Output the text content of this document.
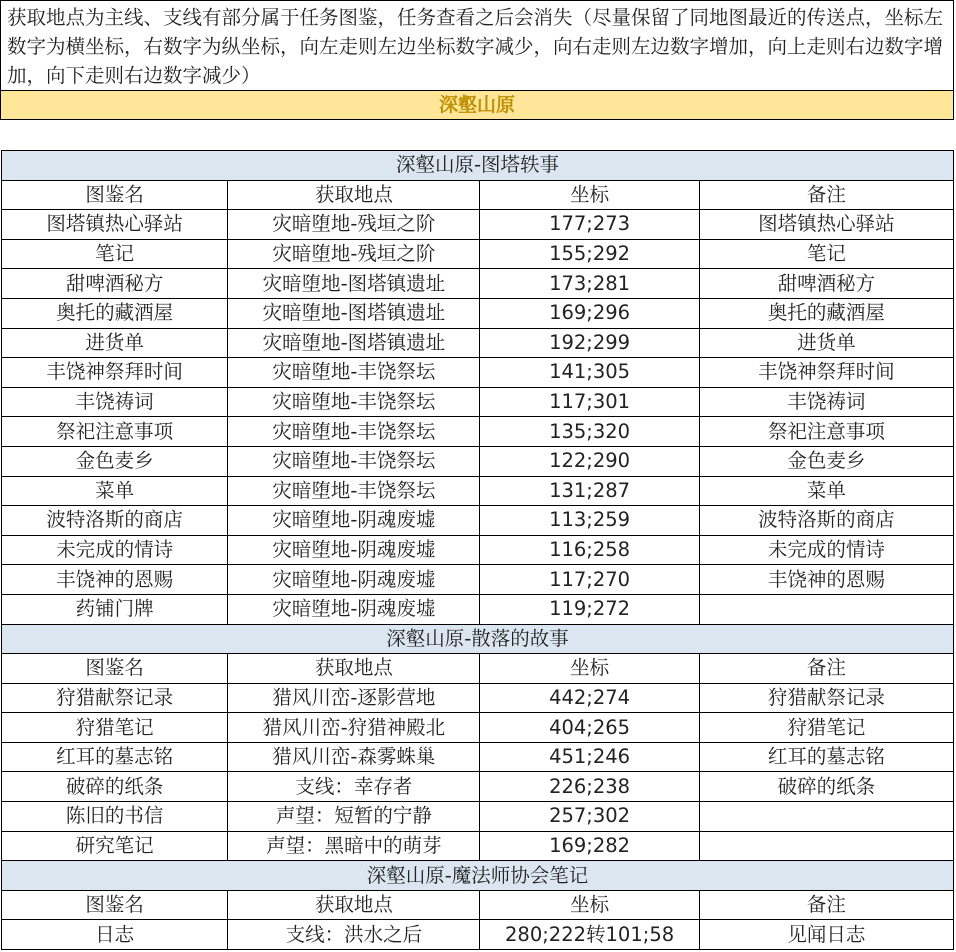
获取地点为主线、支线有部分属于任务图鉴，任务查看之后会消失（尽量保留了同地图最近的传送点，坐标左数字为横坐标，右数字为纵坐标，向左走则左边坐标数字减少，向右走则左边数字增加，向上走则右边数字增加，向下走则右边数字减少）
深壑山原
深壑山原-图塔轶事			
图鉴名	获取地点	坐标	备注
图塔镇热心驿站	灾暗堕地-残垣之阶	177;273	图塔镇热心驿站
笔记	灾暗堕地-残垣之阶	155;292	笔记
甜啤酒秘方	灾暗堕地-图塔镇遗址	173;281	甜啤酒秘方
奥托的藏酒屋	灾暗堕地-图塔镇遗址	169;296	奥托的藏酒屋
进货单	灾暗堕地-图塔镇遗址	192;299	进货单
丰饶神祭拜时间	灾暗堕地-丰饶祭坛	141;305	丰饶神祭拜时间
丰饶祷词	灾暗堕地-丰饶祭坛	117;301	丰饶祷词
祭祀注意事项	灾暗堕地-丰饶祭坛	135;320	祭祀注意事项
金色麦乡	灾暗堕地-丰饶祭坛	122;290	金色麦乡
菜单	灾暗堕地-丰饶祭坛	131;287	菜单
波特洛斯的商店	灾暗堕地-阴魂废墟	113;259	波特洛斯的商店
未完成的情诗	灾暗堕地-阴魂废墟	116;258	未完成的情诗
丰饶神的恩赐	灾暗堕地-阴魂废墟	117;270	丰饶神的恩赐
药铺门牌	灾暗堕地-阴魂废墟	119;272	
深壑山原-散落的故事			
图鉴名	获取地点	坐标	备注
狩猎献祭记录	猎风川峦-逐影营地	442;274	狩猎献祭记录
狩猎笔记	猎风川峦-狩猎神殿北	404;265	狩猎笔记
红耳的墓志铭	猎风川峦-森雾蛛巢	451;246	红耳的墓志铭
破碎的纸条	支线：幸存者	226;238	破碎的纸条
陈旧的书信	声望：短暂的宁静	257;302	
研究笔记	声望：黑暗中的萌芽	169;282	
深壑山原-魔法师协会笔记			
图鉴名	获取地点	坐标	备注
日志	支线：洪水之后	280;222转101;58	见闻日志
